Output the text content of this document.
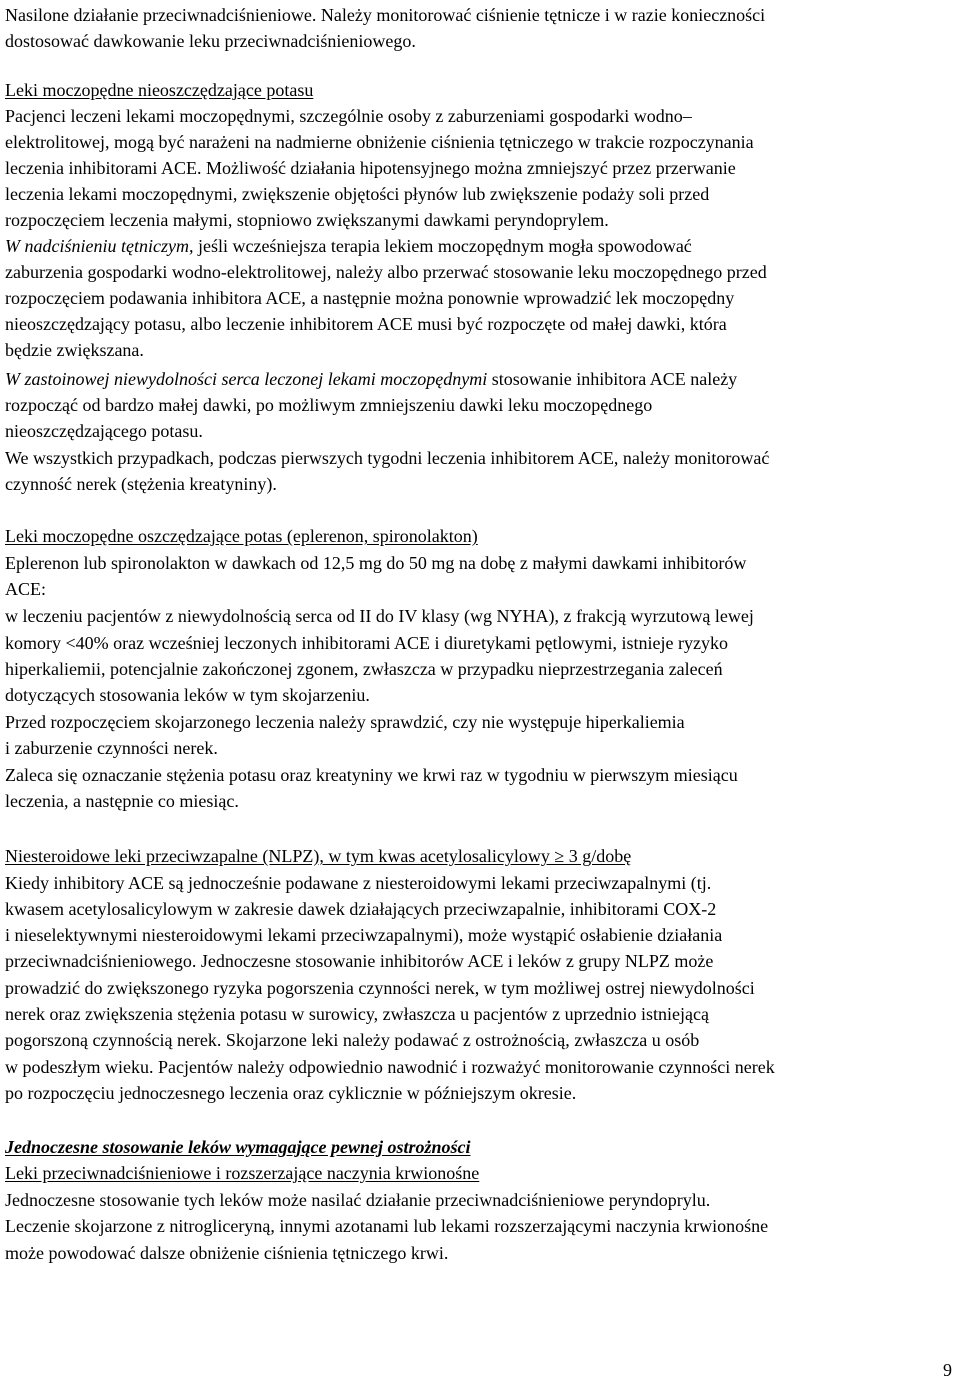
Nasilone działanie przeciwnadciśnieniowe. Należy monitorować ciśnienie tętnicze i w razie konieczności
dostosować dawkowanie leku przeciwnadciśnieniowego.
Leki moczopędne nieoszczędzające potasu
Pacjenci leczeni lekami moczopędnymi, szczególnie osoby z zaburzeniami gospodarki wodno–
elektrolitowej, mogą być narażeni na nadmierne obniżenie ciśnienia tętniczego w trakcie rozpoczynania
leczenia inhibitorami ACE. Możliwość działania hipotensyjnego można zmniejszyć przez przerwanie
leczenia lekami moczopędnymi, zwiększenie objętości płynów lub zwiększenie podaży soli przed
rozpoczęciem leczenia małymi, stopniowo zwiększanymi dawkami peryndoprylem.
W nadciśnieniu tętniczym, jeśli wcześniejsza terapia lekiem moczopędnym mogła spowodować
zaburzenia gospodarki wodno-elektrolitowej, należy albo przerwać stosowanie leku moczopędnego przed
rozpoczęciem podawania inhibitora ACE, a następnie można ponownie wprowadzić lek moczopędny
nieoszczędzający potasu, albo leczenie inhibitorem ACE musi być rozpoczęte od małej dawki, która
będzie zwiększana.
W zastoinowej niewydolności serca leczonej lekami moczopędnymi stosowanie inhibitora ACE należy
rozpocząć od bardzo małej dawki, po możliwym zmniejszeniu dawki leku moczopędnego
nieoszczędzającego potasu.
We wszystkich przypadkach, podczas pierwszych tygodni leczenia inhibitorem ACE, należy monitorować
czynność nerek (stężenia kreatyniny).
Leki moczopędne oszczędzające potas (eplerenon, spironolakton)
Eplerenon lub spironolakton w dawkach od 12,5 mg do 50 mg na dobę z małymi dawkami inhibitorów
ACE:
w leczeniu pacjentów z niewydolnością serca od II do IV klasy (wg NYHA), z frakcją wyrzutową lewej
komory <40% oraz wcześniej leczonych inhibitorami ACE i diuretykami pętlowymi, istnieje ryzyko
hiperkaliemii, potencjalnie zakończonej zgonem, zwłaszcza w przypadku nieprzestrzegania zaleceń
dotyczących stosowania leków w tym skojarzeniu.
Przed rozpoczęciem skojarzonego leczenia należy sprawdzić, czy nie występuje hiperkaliemia
i zaburzenie czynności nerek.
Zaleca się oznaczanie stężenia potasu oraz kreatyniny we krwi raz w tygodniu w pierwszym miesiącu
leczenia, a następnie co miesiąc.
Niesteroidowe leki przeciwzapalne (NLPZ), w tym kwas acetylosalicylowy ≥ 3 g/dobę
Kiedy inhibitory ACE są jednocześnie podawane z niesteroidowymi lekami przeciwzapalnymi (tj.
kwasem acetylosalicylowym w zakresie dawek działających przeciwzapalnie, inhibitorami COX-2
i nieselektywnymi niesteroidowymi lekami przeciwzapalnymi), może wystąpić osłabienie działania
przeciwnadciśnieniowego. Jednoczesne stosowanie inhibitorów ACE i leków z grupy NLPZ może
prowadzić do zwiększonego ryzyka pogorszenia czynności nerek, w tym możliwej ostrej niewydolności
nerek oraz zwiększenia stężenia potasu w surowicy, zwłaszcza u pacjentów z uprzednio istniejącą
pogorszoną czynnością nerek. Skojarzone leki należy podawać z ostrożnością, zwłaszcza u osób
w podeszłym wieku. Pacjentów należy odpowiednio nawodnić i rozważyć monitorowanie czynności nerek
po rozpoczęciu jednoczesnego leczenia oraz cyklicznie w późniejszym okresie.
Jednoczesne stosowanie leków wymagające pewnej ostrożności
Leki przeciwnadciśnieniowe i rozszerzające naczynia krwionośne
Jednoczesne stosowanie tych leków może nasilać działanie przeciwnadciśnieniowe peryndoprylu.
Leczenie skojarzone z nitrogliceryną, innymi azotanami lub lekami rozszerzającymi naczynia krwionośne
może powodować dalsze obniżenie ciśnienia tętniczego krwi.
9
